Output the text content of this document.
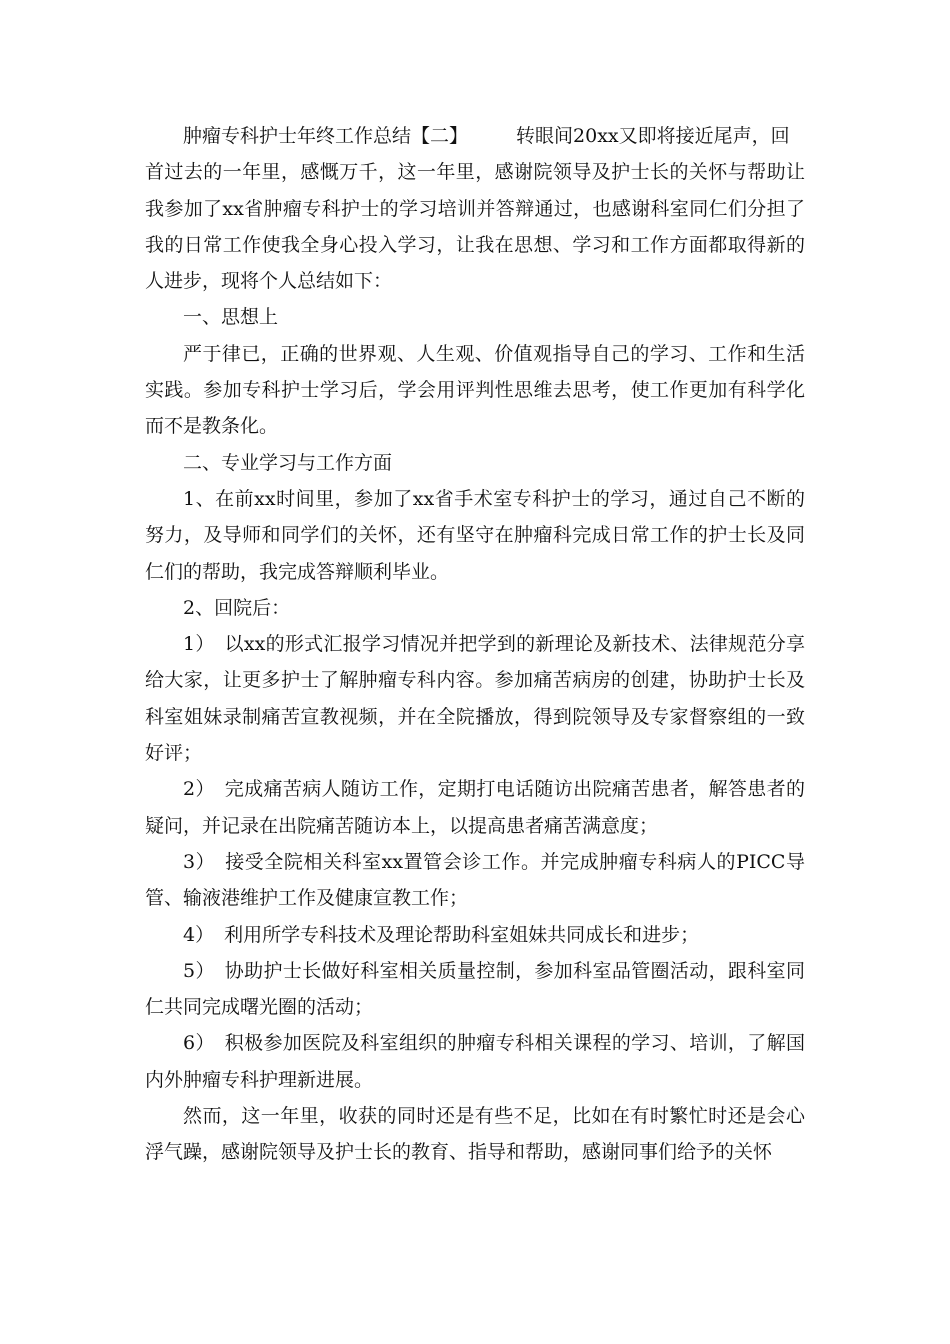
肿瘤专科护士年终工作总结【二】	转眼间20xx又即将接近尾声，回

首过去的一年里，感慨万千，这一年里，感谢院领导及护士长的关怀与帮助让我参加了xx省肿瘤专科护士的学习培训并答辩通过，也感谢科室同仁们分担了我的日常工作使我全身心投入学习，让我在思想、学习和工作方面都取得新的人进步，现将个人总结如下：

一、思想上

严于律已，正确的世界观、人生观、价值观指导自己的学习、工作和生活实践。参加专科护士学习后，学会用评判性思维去思考，使工作更加有科学化而不是教条化。

二、专业学习与工作方面

1、在前xx时间里，参加了xx省手术室专科护士的学习，通过自己不断的努力，及导师和同学们的关怀，还有坚守在肿瘤科完成日常工作的护士长及同仁们的帮助，我完成答辩顺利毕业。

2、回院后：

1） 以xx的形式汇报学习情况并把学到的新理论及新技术、法律规范分享给大家，让更多护士了解肿瘤专科内容。参加痛苦病房的创建，协助护士长及科室姐妹录制痛苦宣教视频，并在全院播放，得到院领导及专家督察组的一致好评；

2） 完成痛苦病人随访工作，定期打电话随访出院痛苦患者，解答患者的疑问，并记录在出院痛苦随访本上，以提高患者痛苦满意度；

3） 接受全院相关科室xx置管会诊工作。并完成肿瘤专科病人的PICC导管、输液港维护工作及健康宣教工作；

4） 利用所学专科技术及理论帮助科室姐妹共同成长和进步；

5） 协助护士长做好科室相关质量控制，参加科室品管圈活动，跟科室同仁共同完成曙光圈的活动；

6） 积极参加医院及科室组织的肿瘤专科相关课程的学习、培训，了解国内外肿瘤专科护理新进展。

然而，这一年里，收获的同时还是有些不足，比如在有时繁忙时还是会心浮气躁，感谢院领导及护士长的教育、指导和帮助，感谢同事们给予的关怀
